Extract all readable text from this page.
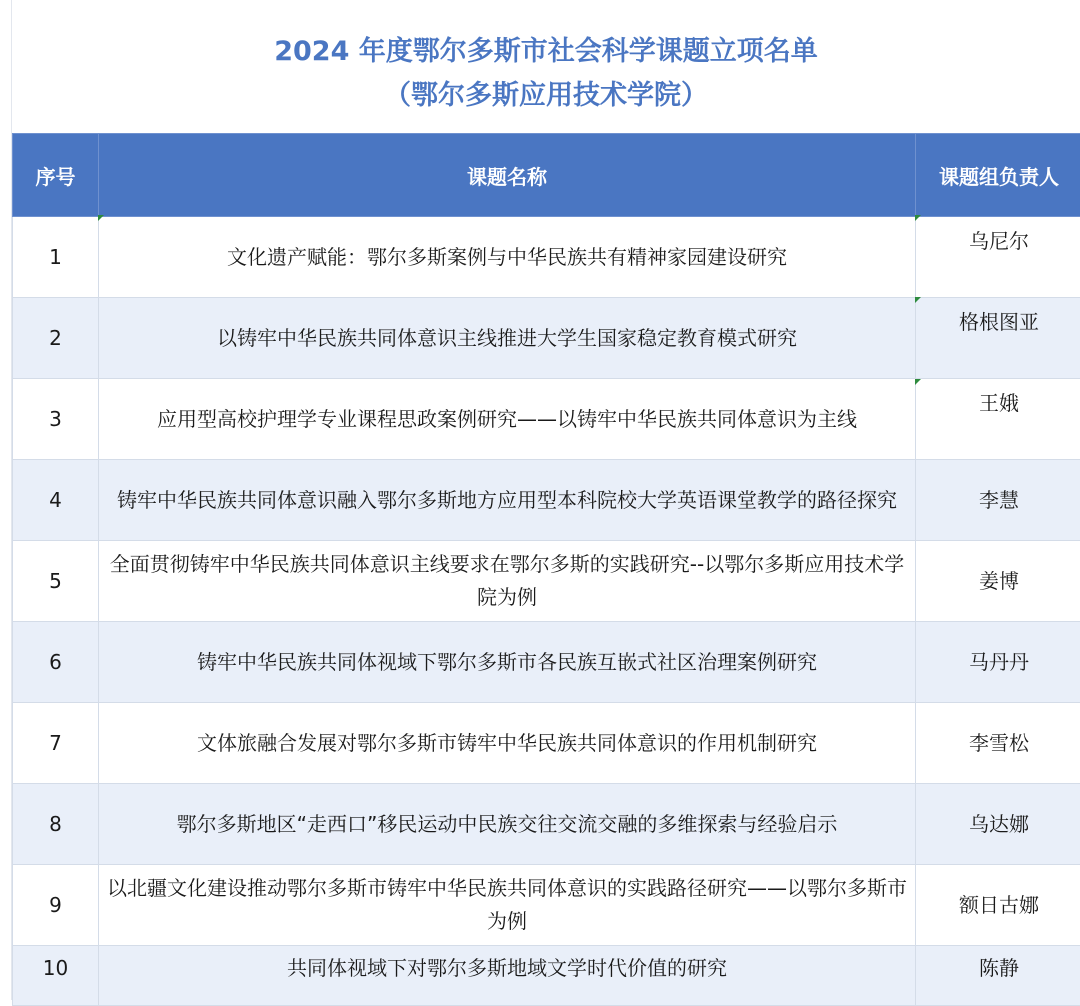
2024 年度鄂尔多斯市社会科学课题立项名单
（鄂尔多斯应用技术学院）
序号	课题名称	课题组负责人
1	文化遗产赋能：鄂尔多斯案例与中华民族共有精神家园建设研究	乌尼尔
2	以铸牢中华民族共同体意识主线推进大学生国家稳定教育模式研究	格根图亚
3	应用型高校护理学专业课程思政案例研究——以铸牢中华民族共同体意识为主线	王娥
4	铸牢中华民族共同体意识融入鄂尔多斯地方应用型本科院校大学英语课堂教学的路径探究	李慧
5	全面贯彻铸牢中华民族共同体意识主线要求在鄂尔多斯的实践研究--以鄂尔多斯应用技术学院为例	姜博
6	铸牢中华民族共同体视域下鄂尔多斯市各民族互嵌式社区治理案例研究	马丹丹
7	文体旅融合发展对鄂尔多斯市铸牢中华民族共同体意识的作用机制研究	李雪松
8	鄂尔多斯地区“走西口”移民运动中民族交往交流交融的多维探索与经验启示	乌达娜
9	以北疆文化建设推动鄂尔多斯市铸牢中华民族共同体意识的实践路径研究——以鄂尔多斯市为例	额日古娜
10	共同体视域下对鄂尔多斯地域文学时代价值的研究	陈静
